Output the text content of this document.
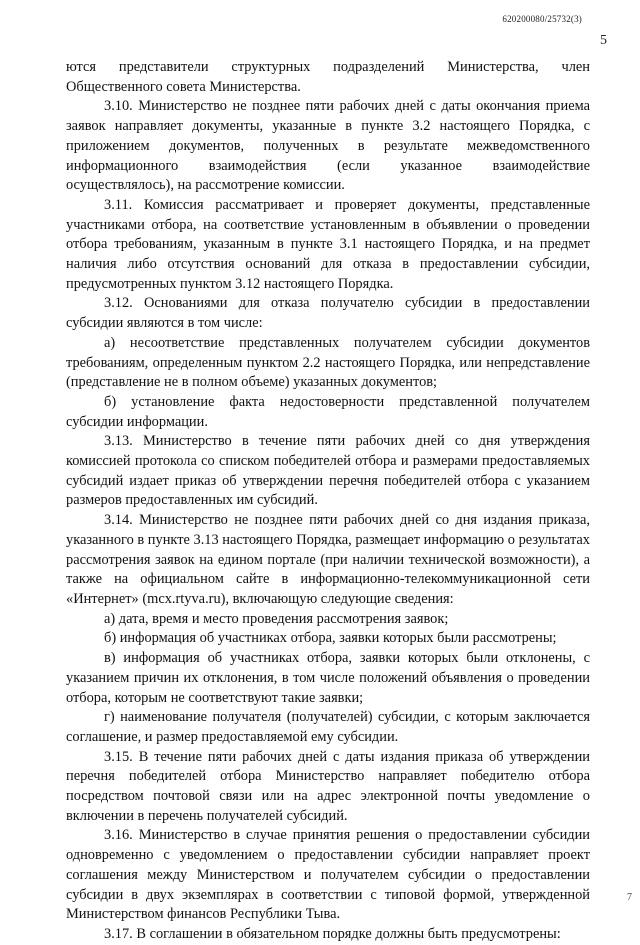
620200080/25732(3)
5

ются представители структурных подразделений Министерства, член Общественного совета Министерства.

3.10. Министерство не позднее пяти рабочих дней с даты окончания приема заявок направляет документы, указанные в пункте 3.2 настоящего Порядка, с приложением документов, полученных в результате межведомственного информационного взаимодействия (если указанное взаимодействие осуществлялось), на рассмотрение комиссии.

3.11. Комиссия рассматривает и проверяет документы, представленные участниками отбора, на соответствие установленным в объявлении о проведении отбора требованиям, указанным в пункте 3.1 настоящего Порядка, и на предмет наличия либо отсутствия оснований для отказа в предоставлении субсидии, предусмотренных пунктом 3.12 настоящего Порядка.

3.12. Основаниями для отказа получателю субсидии в предоставлении субсидии являются в том числе:

а) несоответствие представленных получателем субсидии документов требованиям, определенным пунктом 2.2 настоящего Порядка, или непредставление (представление не в полном объеме) указанных документов;

б) установление факта недостоверности представленной получателем субсидии информации.

3.13. Министерство в течение пяти рабочих дней со дня утверждения комиссией протокола со списком победителей отбора и размерами предоставляемых субсидий издает приказ об утверждении перечня победителей отбора с указанием размеров предоставленных им субсидий.

3.14. Министерство не позднее пяти рабочих дней со дня издания приказа, указанного в пункте 3.13 настоящего Порядка, размещает информацию о результатах рассмотрения заявок на едином портале (при наличии технической возможности), а также на официальном сайте в информационно-телекоммуникационной сети «Интернет» (mcx.rtyva.ru), включающую следующие сведения:

а) дата, время и место проведения рассмотрения заявок;

б) информация об участниках отбора, заявки которых были рассмотрены;

в) информация об участниках отбора, заявки которых были отклонены, с указанием причин их отклонения, в том числе положений объявления о проведении отбора, которым не соответствуют такие заявки;

г) наименование получателя (получателей) субсидии, с которым заключается соглашение, и размер предоставляемой ему субсидии.

3.15. В течение пяти рабочих дней с даты издания приказа об утверждении перечня победителей отбора Министерство направляет победителю отбора посредством почтовой связи или на адрес электронной почты уведомление о включении в перечень получателей субсидий.

3.16. Министерство в случае принятия решения о предоставлении субсидии одновременно с уведомлением о предоставлении субсидии направляет проект соглашения между Министерством и получателем субсидии о предоставлении субсидии в двух экземплярах в соответствии с типовой формой, утвержденной Министерством финансов Республики Тыва.

3.17. В соглашении в обязательном порядке должны быть предусмотрены:

7
